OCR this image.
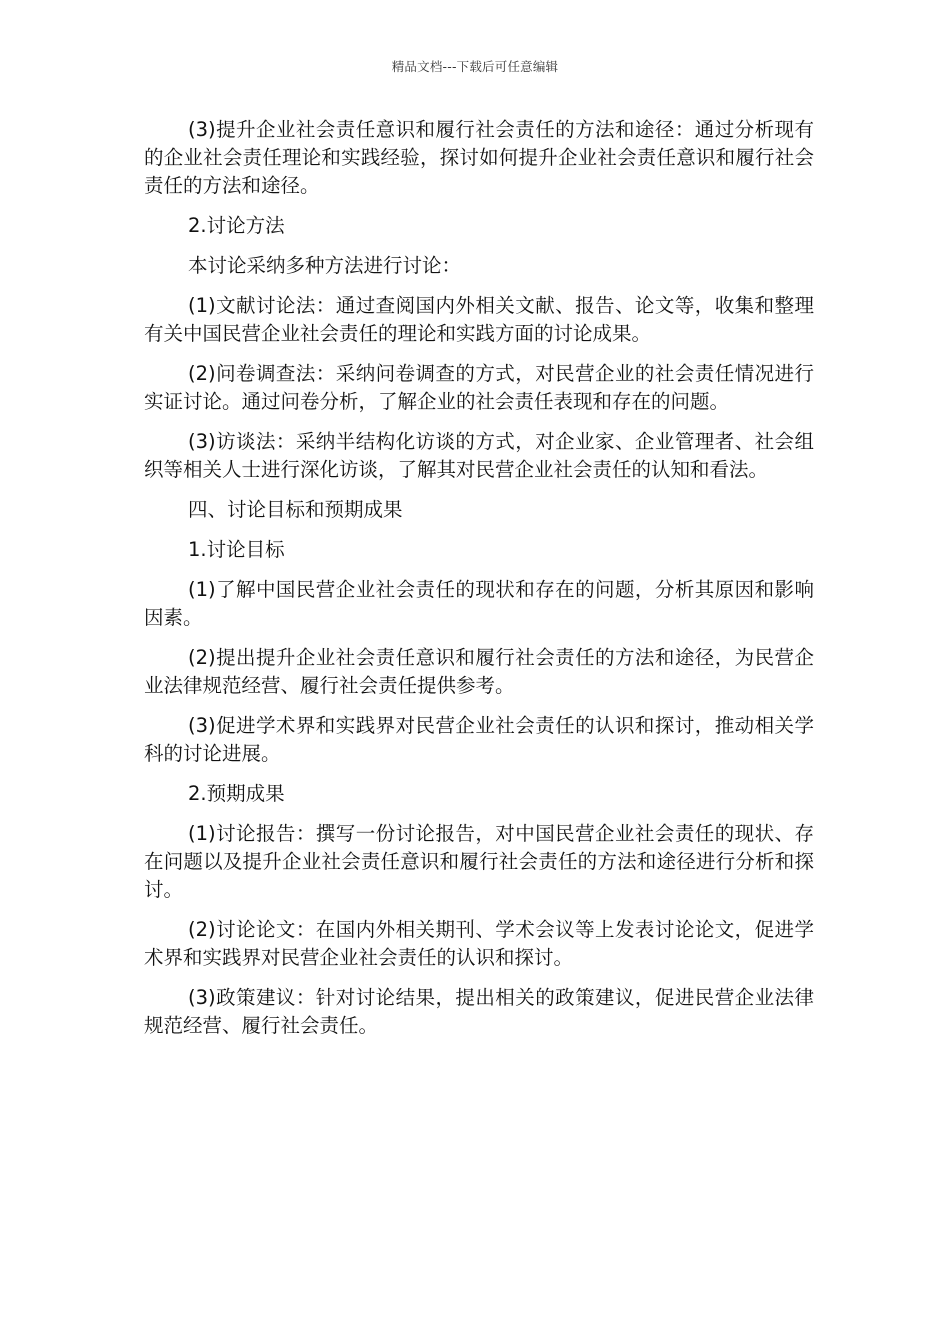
精品文档---下载后可任意编辑

(3)提升企业社会责任意识和履行社会责任的方法和途径：通过分析现有的企业社会责任理论和实践经验，探讨如何提升企业社会责任意识和履行社会责任的方法和途径。

2.讨论方法

本讨论采纳多种方法进行讨论：

(1)文献讨论法：通过查阅国内外相关文献、报告、论文等，收集和整理有关中国民营企业社会责任的理论和实践方面的讨论成果。

(2)问卷调查法：采纳问卷调查的方式，对民营企业的社会责任情况进行实证讨论。通过问卷分析，了解企业的社会责任表现和存在的问题。

(3)访谈法：采纳半结构化访谈的方式，对企业家、企业管理者、社会组织等相关人士进行深化访谈，了解其对民营企业社会责任的认知和看法。

四、讨论目标和预期成果

1.讨论目标

(1)了解中国民营企业社会责任的现状和存在的问题，分析其原因和影响因素。

(2)提出提升企业社会责任意识和履行社会责任的方法和途径，为民营企业法律规范经营、履行社会责任提供参考。

(3)促进学术界和实践界对民营企业社会责任的认识和探讨，推动相关学科的讨论进展。

2.预期成果

(1)讨论报告：撰写一份讨论报告，对中国民营企业社会责任的现状、存在问题以及提升企业社会责任意识和履行社会责任的方法和途径进行分析和探讨。

(2)讨论论文：在国内外相关期刊、学术会议等上发表讨论论文，促进学术界和实践界对民营企业社会责任的认识和探讨。

(3)政策建议：针对讨论结果，提出相关的政策建议，促进民营企业法律规范经营、履行社会责任。
